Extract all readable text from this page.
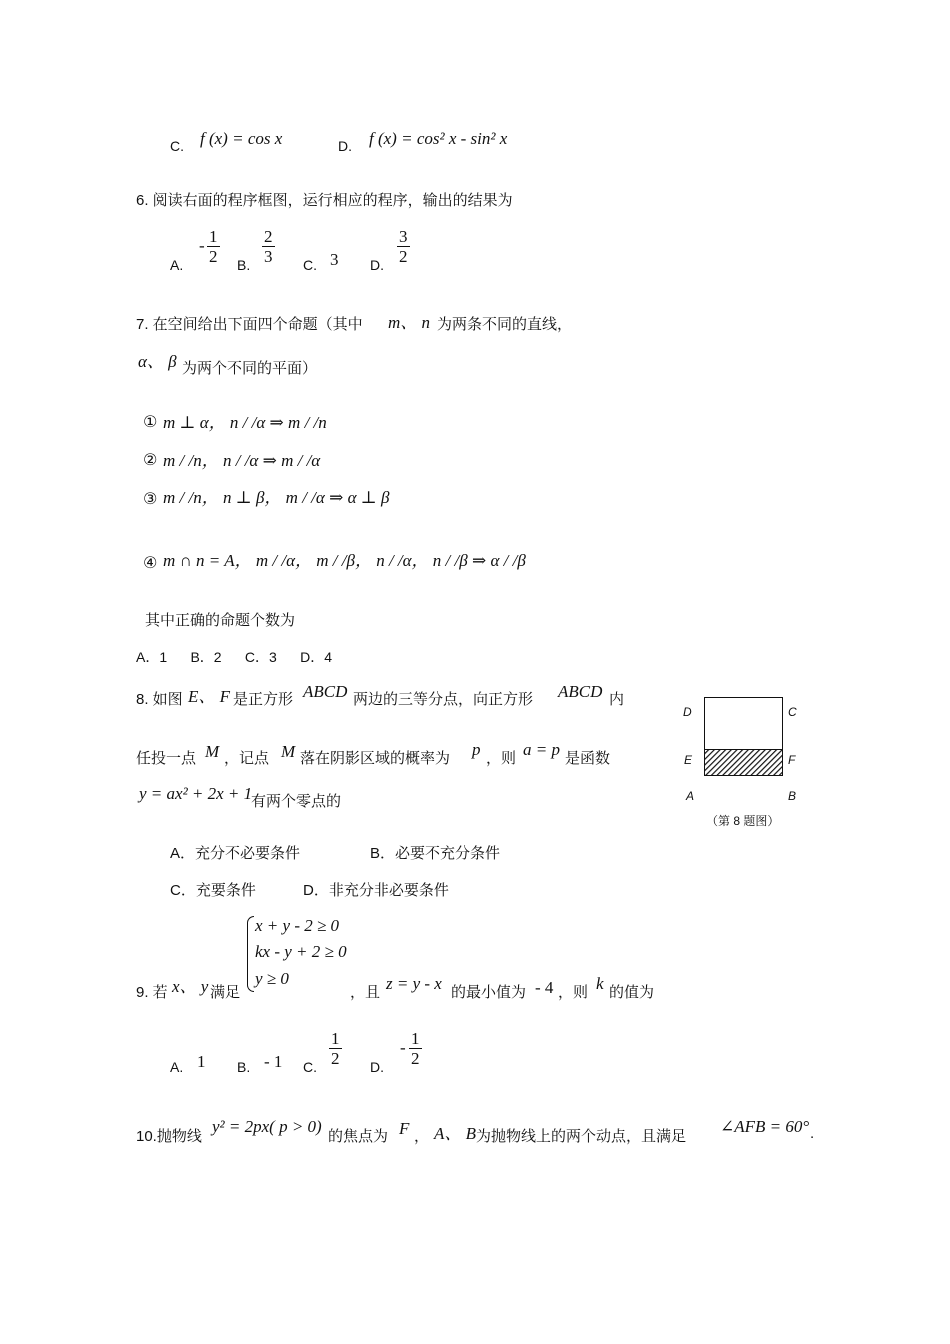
C. f (x) = cos x	D. f (x) = cos² x - sin² x
6. 阅读右面的程序框图，运行相应的程序，输出的结果为
A.
- $\frac{1}{2} B$. $\frac{2}{3} C$. 3 D. $\frac{3}{2}$
7. 在空间给出下面四个命题（其中 m、 n 为两条不同的直线，
α、 β 为两个不同的平面）
① m ⊥ α， n / /α ⇒ m / /n
② m / /n， n / /α ⇒ m / /α
③ m / /n， n ⊥ β， m / /α ⇒ α ⊥ β
④ m ∩ n = A， m / /α， m / /β， n / /α， n / /β ⇒ α / /β
其中正确的命题个数为
A．1      B．2      C．3      D．4
8. 如图 E、 F 是正方形 ABCD 两边的三等分点，向正方形 ABCD 内
任投一点 M ，记点 M 落在阴影区域的概率为 p ，则 a = p 是函数
y = ax² + 2x + 1
有两个零点的
A．充分不必要条件	B．必要不充分条件
C．充要条件	D．非充分非必要条件
D	C
E	F
A	B
（第 8 题图）
x + y - 2 ≥ 0
kx - y + 2 ≥ 0
y ≥ 0
9. 若 x、 y 满足	，且 z = y - x 的最小值为 - 4 ，则 k 的值为
A. 1 B. - 1 C. $\frac{1}{2} D$.
- $\frac{1}{2}$
10.抛物线
y² = 2px( p > 0)
的焦点为 F ， A、 B 为抛物线上的两个动点，且满足
∠AFB = 60° .
